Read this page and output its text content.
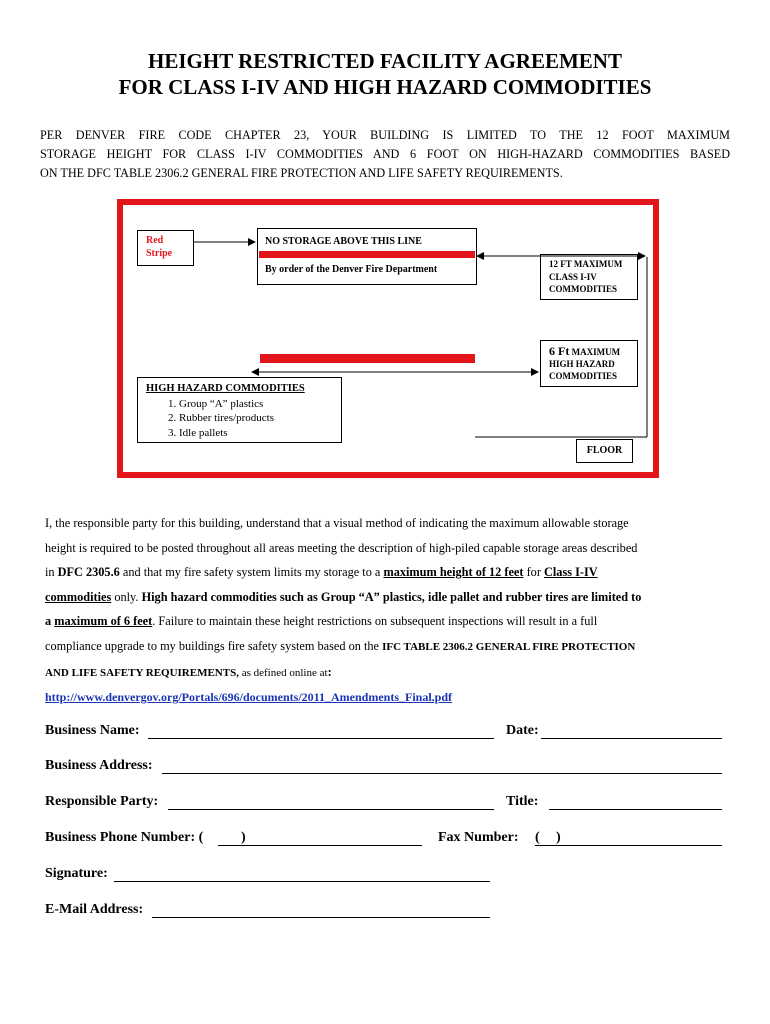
HEIGHT RESTRICTED FACILITY AGREEMENT
FOR CLASS I-IV AND HIGH HAZARD COMMODITIES
PER DENVER FIRE CODE CHAPTER 23, YOUR BUILDING IS LIMITED TO THE 12 FOOT MAXIMUM
STORAGE HEIGHT FOR CLASS I-IV COMMODITIES AND 6 FOOT ON HIGH-HAZARD COMMODITIES BASED
ON THE DFC TABLE 2306.2 GENERAL FIRE PROTECTION AND LIFE SAFETY REQUIREMENTS.
Red
Stripe
NO STORAGE ABOVE THIS LINE
By order of the Denver Fire Department	12 FT MAXIMUM
CLASS I-IV
COMMODITIES
6 Ft MAXIMUM
HIGH HAZARD
COMMODITIES
HIGH HAZARD COMMODITIES
1. Group “A” plastics
2. Rubber tires/products
3. Idle pallets
FLOOR
I, the responsible party for this building, understand that a visual method of indicating the maximum allowable storage
height is required to be posted throughout all areas meeting the description of high-piled capable storage areas described
in DFC 2305.6 and that my fire safety system limits my storage to a maximum height of 12 feet for Class I-IV
commodities only. High hazard commodities such as Group “A” plastics, idle pallet and rubber tires are limited to
a maximum of 6 feet. Failure to maintain these height restrictions on subsequent inspections will result in a full
compliance upgrade to my buildings fire safety system based on the IFC TABLE 2306.2 GENERAL FIRE PROTECTION
AND LIFE SAFETY REQUIREMENTS, as defined online at:
http://www.denvergov.org/Portals/696/documents/2011_Amendments_Final.pdf
Business Name:	Date:
Business Address:
Responsible Party:	Title:
Business Phone Number: (	)	Fax Number: ( )
Signature:
E-Mail Address:
